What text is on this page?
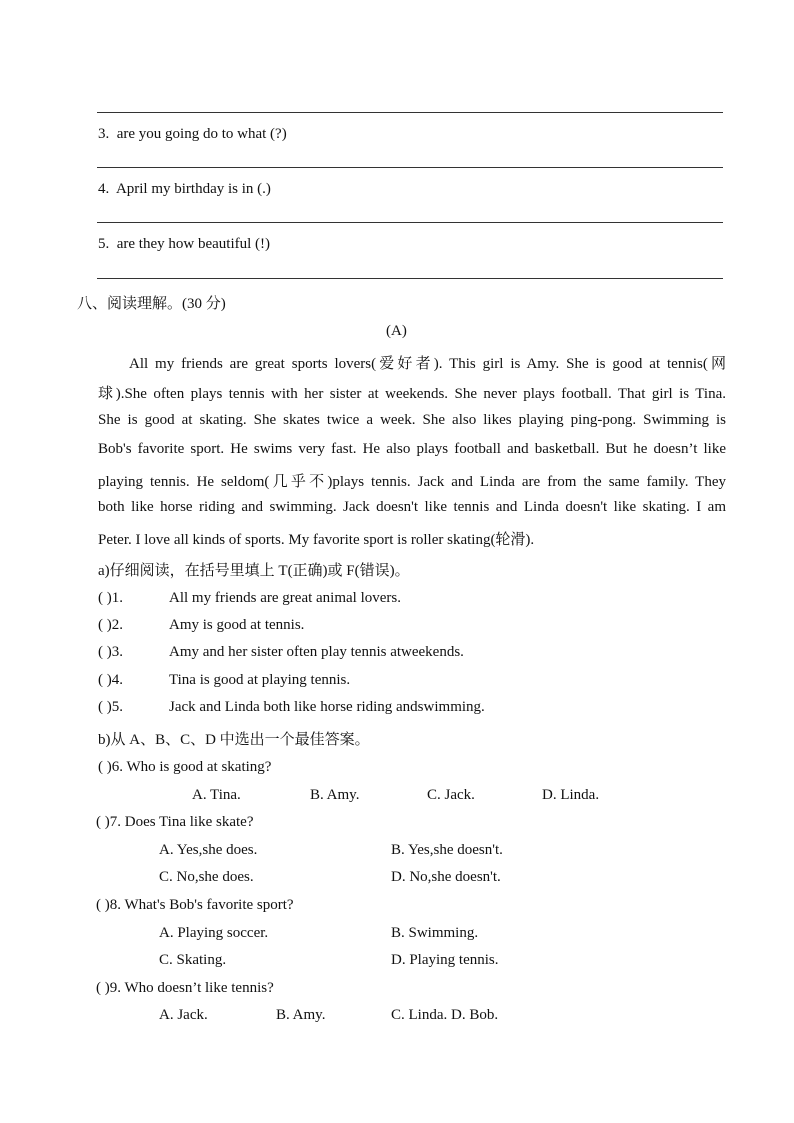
3. are you going do to what (?)
4. April my birthday is in (.)
5. are they how beautiful (!)
八、阅读理解。(30 分)
(A)
All my friends are great sports lovers(爱好者). This girl is Amy. She is good at tennis(网
球).She often plays tennis with her sister at weekends. She never plays football. That girl is Tina.
She is good at skating. She skates twice a week. She also likes playing ping-pong. Swimming is
Bob's favorite sport. He swims very fast. He also plays football and basketball. But he doesn’t like
playing tennis. He seldom(几乎不)plays tennis. Jack and Linda are from the same family. They
both like horse riding and swimming. Jack doesn't like tennis and Linda doesn't like skating. I am
Peter. I love all kinds of sports. My favorite sport is roller skating(轮滑).
a)仔细阅读，在括号里填上 T(正确)或 F(错误)。
( )1.	All my friends are great animal lovers.
( )2.	Amy is good at tennis.
( )3.	Amy and her sister often play tennis atweekends.
( )4.	Tina is good at playing tennis.
( )5.	Jack and Linda both like horse riding andswimming.
b)从 A、B、C、D 中选出一个最佳答案。
( )6. Who is good at skating?
A. Tina.	B. Amy.	C. Jack.	D. Linda.
( )7. Does Tina like skate?
A. Yes,she does.	B. Yes,she doesn't.
C. No,she does.	D. No,she doesn't.
( )8. What's Bob's favorite sport?
A. Playing soccer.	B. Swimming.
C. Skating.	D. Playing tennis.
( )9. Who doesn’t like tennis?
A. Jack.	B. Amy.	C. Linda. D. Bob.
